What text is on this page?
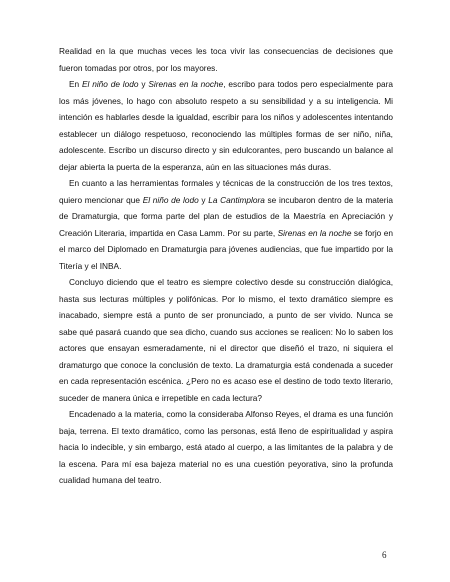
Realidad en la que muchas veces les toca vivir las consecuencias de decisiones que fueron tomadas por otros, por los mayores.

En El niño de lodo y Sirenas en la noche, escribo para todos pero especialmente para los más jóvenes, lo hago con absoluto respeto a su sensibilidad y a su inteligencia. Mi intención es hablarles desde la igualdad, escribir para los niños y adolescentes intentando establecer un diálogo respetuoso, reconociendo las múltiples formas de ser niño, niña, adolescente. Escribo un discurso directo y sin edulcorantes, pero buscando un balance al dejar abierta la puerta de la esperanza, aún en las situaciones más duras.

En cuanto a las herramientas formales y técnicas de la construcción de los tres textos, quiero mencionar que El niño de lodo y La Cantimplora se incubaron dentro de la materia de Dramaturgia, que forma parte del plan de estudios de la Maestría en Apreciación y Creación Literaria, impartida en Casa Lamm. Por su parte, Sirenas en la noche se forjo en el marco del Diplomado en Dramaturgia para jóvenes audiencias, que fue impartido por la Titería y el INBA.

Concluyo diciendo que el teatro es siempre colectivo desde su construcción dialógica, hasta sus lecturas múltiples y polifónicas. Por lo mismo, el texto dramático siempre es inacabado, siempre está a punto de ser pronunciado, a punto de ser vivido. Nunca se sabe qué pasará cuando que sea dicho, cuando sus acciones se realicen: No lo saben los actores que ensayan esmeradamente, ni el director que diseñó el trazo, ni siquiera el dramaturgo que conoce la conclusión de texto. La dramaturgia está condenada a suceder en cada representación escénica. ¿Pero no es acaso ese el destino de todo texto literario, suceder de manera única e irrepetible en cada lectura?

Encadenado a la materia, como la consideraba Alfonso Reyes, el drama es una función baja, terrena. El texto dramático, como las personas, está lleno de espiritualidad y aspira hacia lo indecible, y sin embargo, está atado al cuerpo, a las limitantes de la palabra y de la escena. Para mí esa bajeza material no es una cuestión peyorativa, sino la profunda cualidad humana del teatro.

6
